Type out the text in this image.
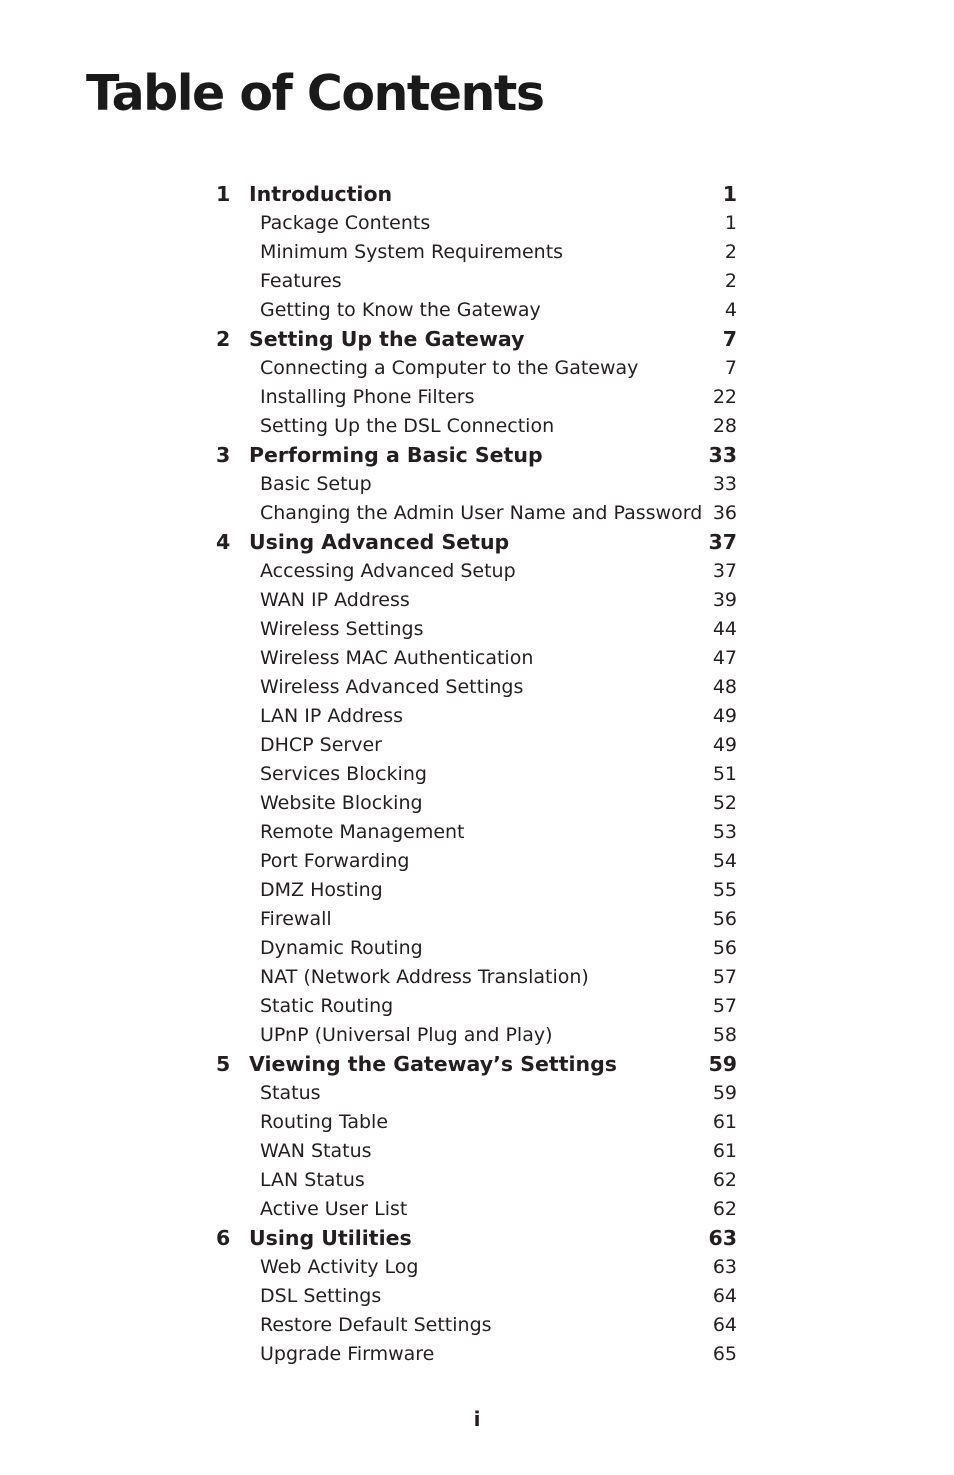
Table of Contents
1 Introduction	1
Package Contents	1
Minimum System Requirements	2
Features	2
Getting to Know the Gateway	4
2 Setting Up the Gateway	7
Connecting a Computer to the Gateway	7
Installing Phone Filters	22
Setting Up the DSL Connection	28
3 Performing a Basic Setup	33
Basic Setup	33
Changing the Admin User Name and Password 36
4 Using Advanced Setup	37
Accessing Advanced Setup	37
WAN IP Address	39
Wireless Settings	44
Wireless MAC Authentication	47
Wireless Advanced Settings	48
LAN IP Address	49
DHCP Server	49
Services Blocking	51
Website Blocking	52
Remote Management	53
Port Forwarding	54
DMZ Hosting	55
Firewall	56
Dynamic Routing	56
NAT (Network Address Translation)	57
Static Routing	57
UPnP (Universal Plug and Play)	58
5 Viewing the Gateway’s Settings	59
Status	59
Routing Table	61
WAN Status	61
LAN Status	62
Active User List	62
6 Using Utilities	63
Web Activity Log	63
DSL Settings	64
Restore Default Settings	64
Upgrade Firmware	65
i
